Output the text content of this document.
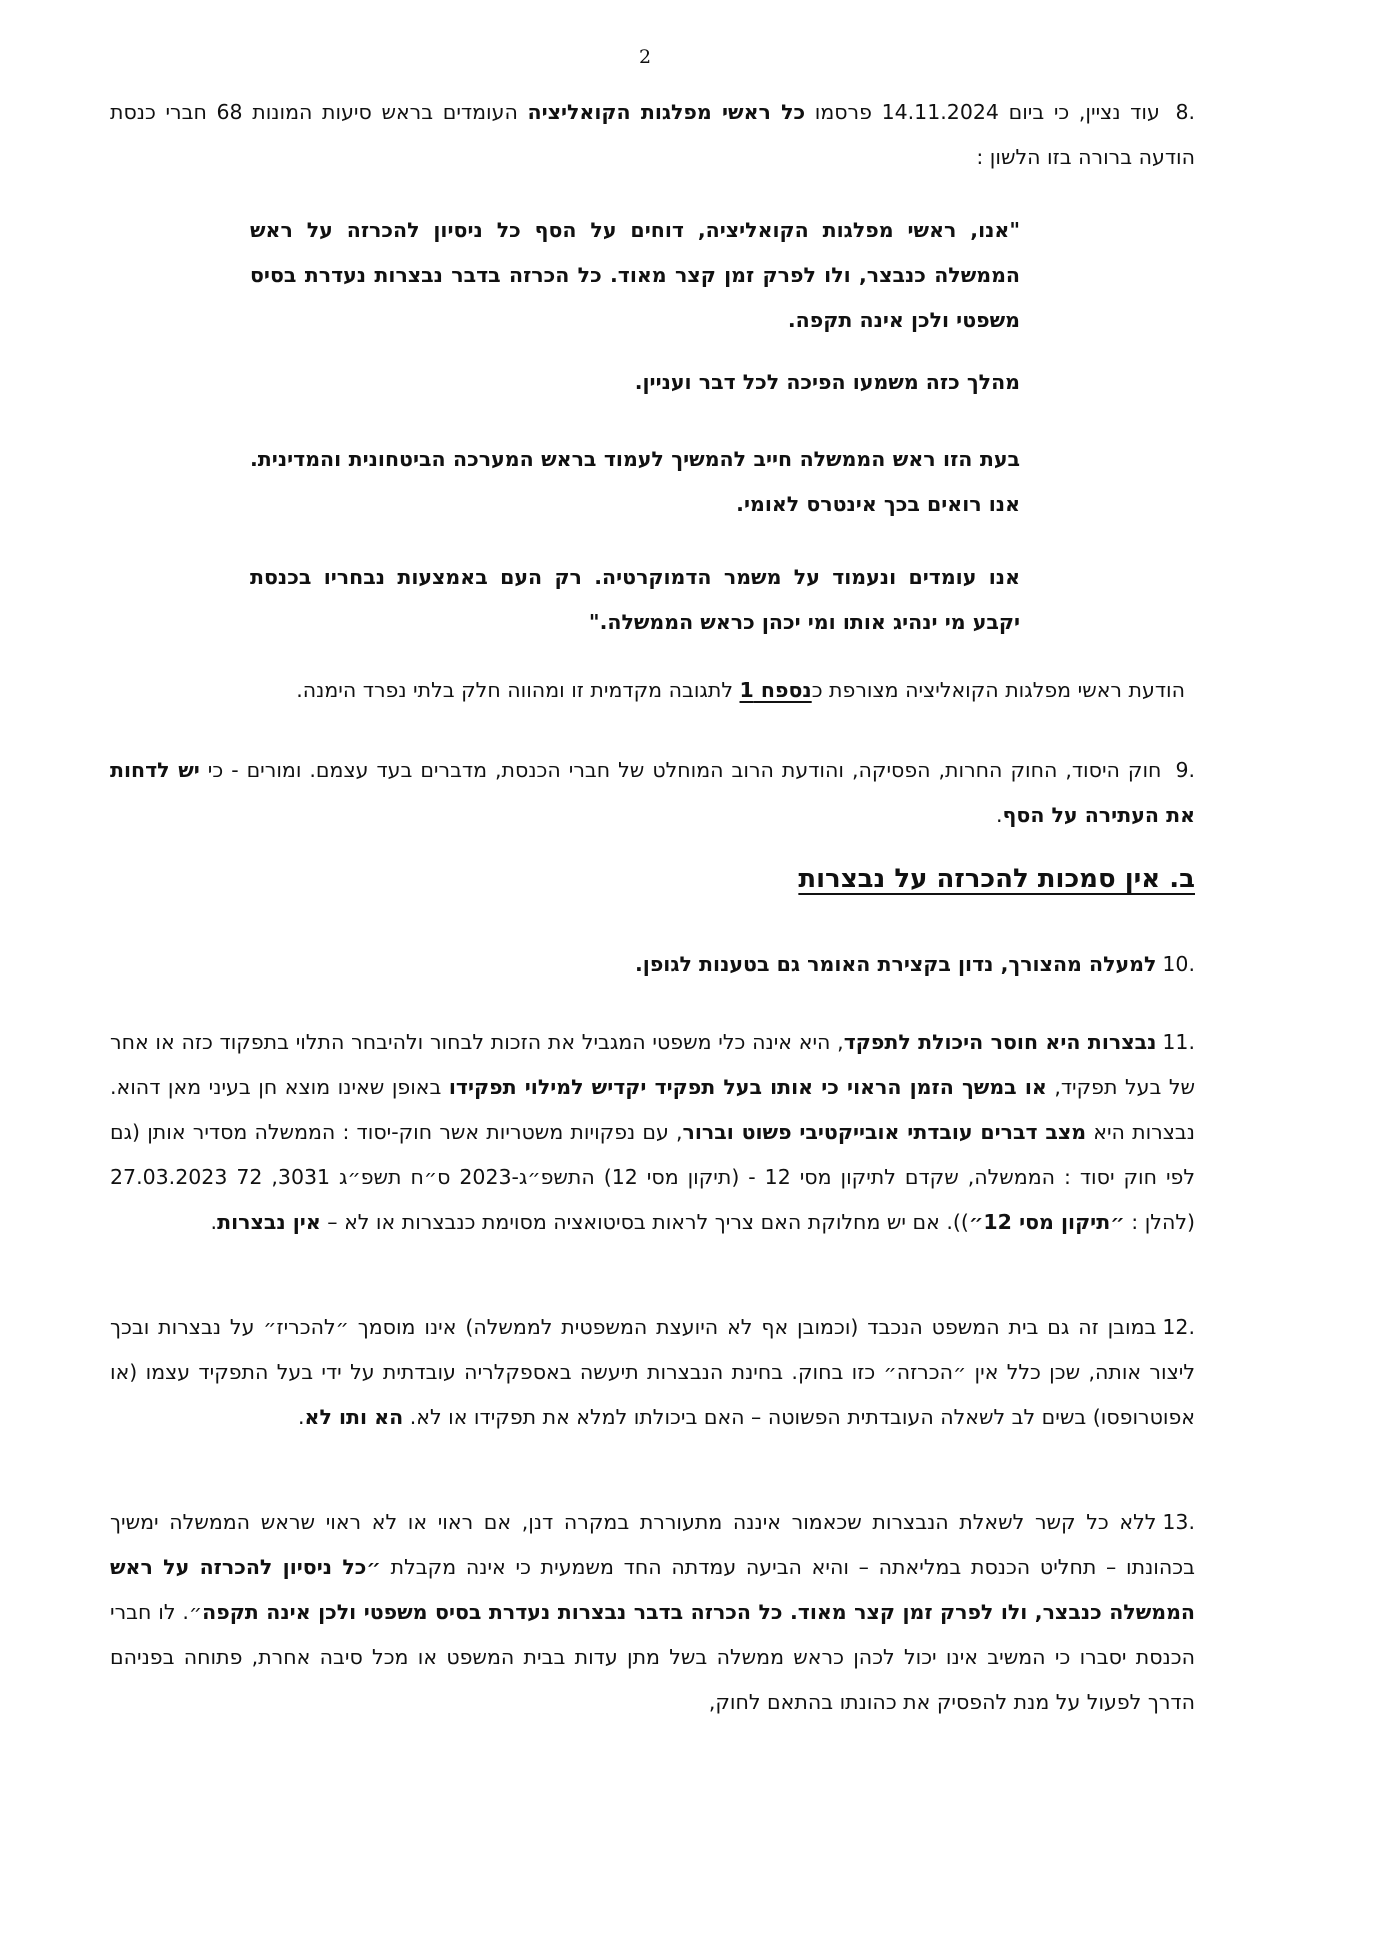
2
8. עוד נציין, כי ביום 14.11.2024 פרסמו כל ראשי מפלגות הקואליציה העומדים בראש סיעות המונות 68 חברי כנסת הודעה ברורה בזו הלשון :
"אנו, ראשי מפלגות הקואליציה, דוחים על הסף כל ניסיון להכרזה על ראש הממשלה כנבצר, ולו לפרק זמן קצר מאוד. כל הכרזה בדבר נבצרות נעדרת בסיס משפטי ולכן אינה תקפה.
מהלך כזה משמעו הפיכה לכל דבר ועניין.
בעת הזו ראש הממשלה חייב להמשיך לעמוד בראש המערכה הביטחונית והמדינית. אנו רואים בכך אינטרס לאומי.
אנו עומדים ונעמוד על משמר הדמוקרטיה. רק העם באמצעות נבחריו בכנסת יקבע מי ינהיג אותו ומי יכהן כראש הממשלה."
הודעת ראשי מפלגות הקואליציה מצורפת כנספח 1 לתגובה מקדמית זו ומהווה חלק בלתי נפרד הימנה.
9. חוק היסוד, החוק החרות, הפסיקה, והודעת הרוב המוחלט של חברי הכנסת, מדברים בעד עצמם. ומורים - כי יש לדחות את העתירה על הסף.
ב. אין סמכות להכרזה על נבצרות
10.למעלה מהצורך, נדון בקצירת האומר גם בטענות לגופן.
11.נבצרות היא חוסר היכולת לתפקד, היא אינה כלי משפטי המגביל את הזכות לבחור ולהיבחר התלוי בתפקוד כזה או אחר של בעל תפקיד, או במשך הזמן הראוי כי אותו בעל תפקיד יקדיש למילוי תפקידו באופן שאינו מוצא חן בעיני מאן דהוא. נבצרות היא מצב דברים עובדתי אובייקטיבי פשוט וברור, עם נפקויות משטריות אשר חוק-יסוד : הממשלה מסדיר אותן (גם לפי חוק יסוד : הממשלה, שקדם לתיקון מסי 12 - (תיקון מסי 12) התשפ״ג-2023 ס״ח תשפ״ג 3031, 72 27.03.2023 (להלן : ״תיקון מסי 12״)). אם יש מחלוקת האם צריך לראות בסיטואציה מסוימת כנבצרות או לא – אין נבצרות.
12.במובן זה גם בית המשפט הנכבד (וכמובן אף לא היועצת המשפטית לממשלה) אינו מוסמך ״להכריז״ על נבצרות ובכך ליצור אותה, שכן כלל אין ״הכרזה״ כזו בחוק. בחינת הנבצרות תיעשה באספקלריה עובדתית על ידי בעל התפקיד עצמו (או אפוטרופסו) בשים לב לשאלה העובדתית הפשוטה – האם ביכולתו למלא את תפקידו או לא. הא ותו לא.
13.ללא כל קשר לשאלת הנבצרות שכאמור איננה מתעוררת במקרה דנן, אם ראוי או לא ראוי שראש הממשלה ימשיך בכהונתו – תחליט הכנסת במליאתה – והיא הביעה עמדתה החד משמעית כי אינה מקבלת ״כל ניסיון להכרזה על ראש הממשלה כנבצר, ולו לפרק זמן קצר מאוד. כל הכרזה בדבר נבצרות נעדרת בסיס משפטי ולכן אינה תקפה״. לו חברי הכנסת יסברו כי המשיב אינו יכול לכהן כראש ממשלה בשל מתן עדות בבית המשפט או מכל סיבה אחרת, פתוחה בפניהם הדרך לפעול על מנת להפסיק את כהונתו בהתאם לחוק,
